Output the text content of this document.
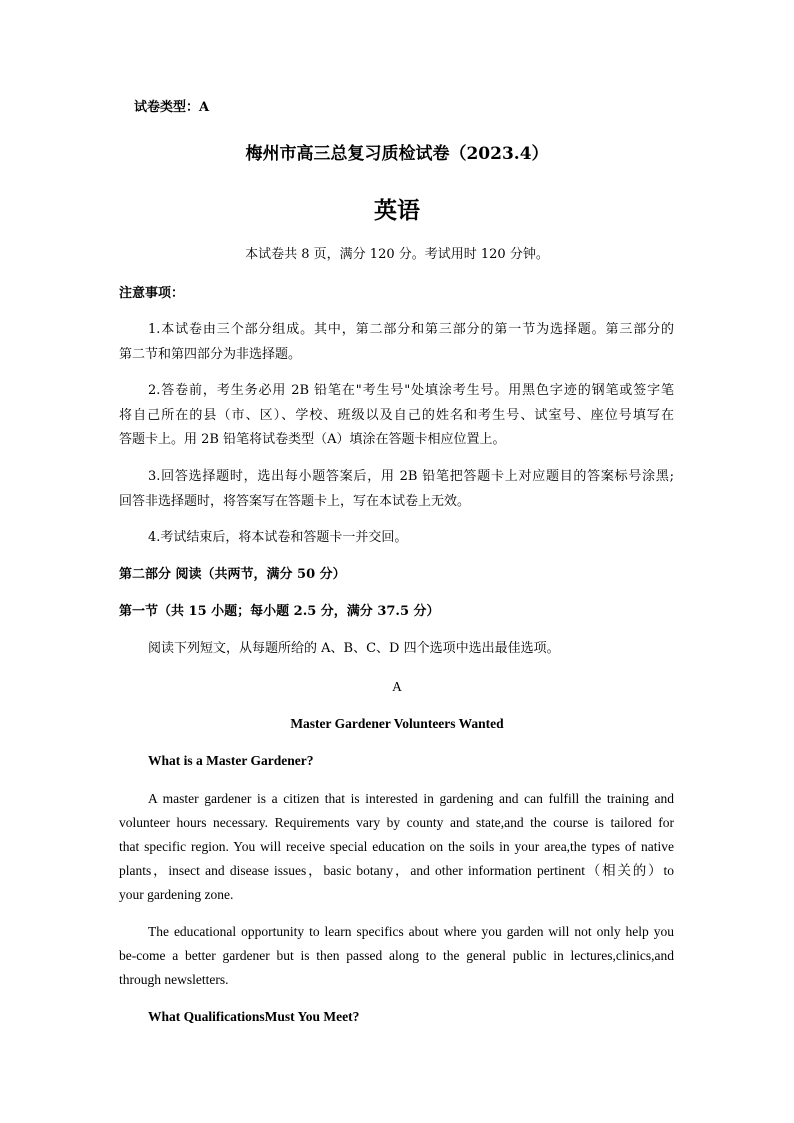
试卷类型：A
梅州市高三总复习质检试卷（2023.4）
英语
本试卷共 8 页，满分 120 分。考试用时 120 分钟。
注意事项：
1.本试卷由三个部分组成。其中，第二部分和第三部分的第一节为选择题。第三部分的
第二节和第四部分为非选择题。
2.答卷前，考生务必用 2B 铅笔在"考生号"处填涂考生号。用黑色字迹的钢笔或签字笔
将自己所在的县（市、区）、学校、班级以及自己的姓名和考生号、试室号、座位号填写在
答题卡上。用 2B 铅笔将试卷类型（A）填涂在答题卡相应位置上。
3.回答选择题时，选出每小题答案后，用 2B 铅笔把答题卡上对应题目的答案标号涂黑;
回答非选择题时，将答案写在答题卡上，写在本试卷上无效。
4.考试结束后，将本试卷和答题卡一并交回。
第二部分 阅读（共两节，满分 50 分）
第一节（共 15 小题；每小题 2.5 分，满分 37.5 分）
阅读下列短文，从每题所给的 A、B、C、D 四个选项中选出最佳选项。
A
Master Gardener Volunteers Wanted
What is a Master Gardener?
A master gardener is a citizen that is interested in gardening and can fulfill the training and
volunteer hours necessary. Requirements vary by county and state,and the course is tailored for
that specific region. You will receive special education on the soils in your area,the types of native
plants，insect and disease issues，basic botany，and other information pertinent（相关的）to
your gardening zone.
The educational opportunity to learn specifics about where you garden will not only help you
be-come a better gardener but is then passed along to the general public in lectures,clinics,and
through newsletters.
What QualificationsMust You Meet?
